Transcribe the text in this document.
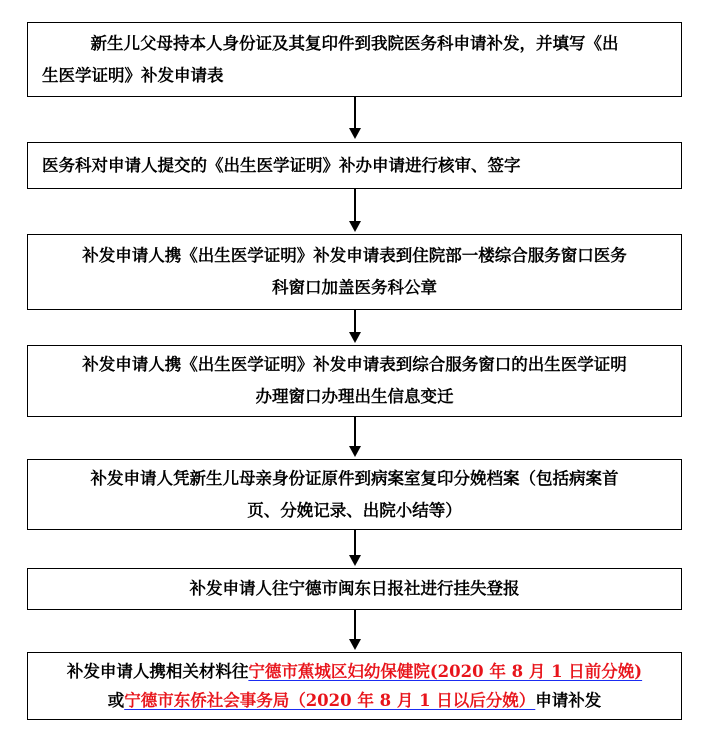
新生儿父母持本人身份证及其复印件到我院医务科申请补发，并填写《出
生医学证明》补发申请表
医务科对申请人提交的《出生医学证明》补办申请进行核审、签字
补发申请人携《出生医学证明》补发申请表到住院部一楼综合服务窗口医务
科窗口加盖医务科公章
补发申请人携《出生医学证明》补发申请表到综合服务窗口的出生医学证明
办理窗口办理出生信息变迁
补发申请人凭新生儿母亲身份证原件到病案室复印分娩档案（包括病案首
页、分娩记录、出院小结等）
补发申请人往宁德市闽东日报社进行挂失登报
补发申请人携相关材料往宁德市蕉城区妇幼保健院(2020 年 8 月 1 日前分娩)
或宁德市东侨社会事务局（2020 年 8 月 1 日以后分娩）申请补发
